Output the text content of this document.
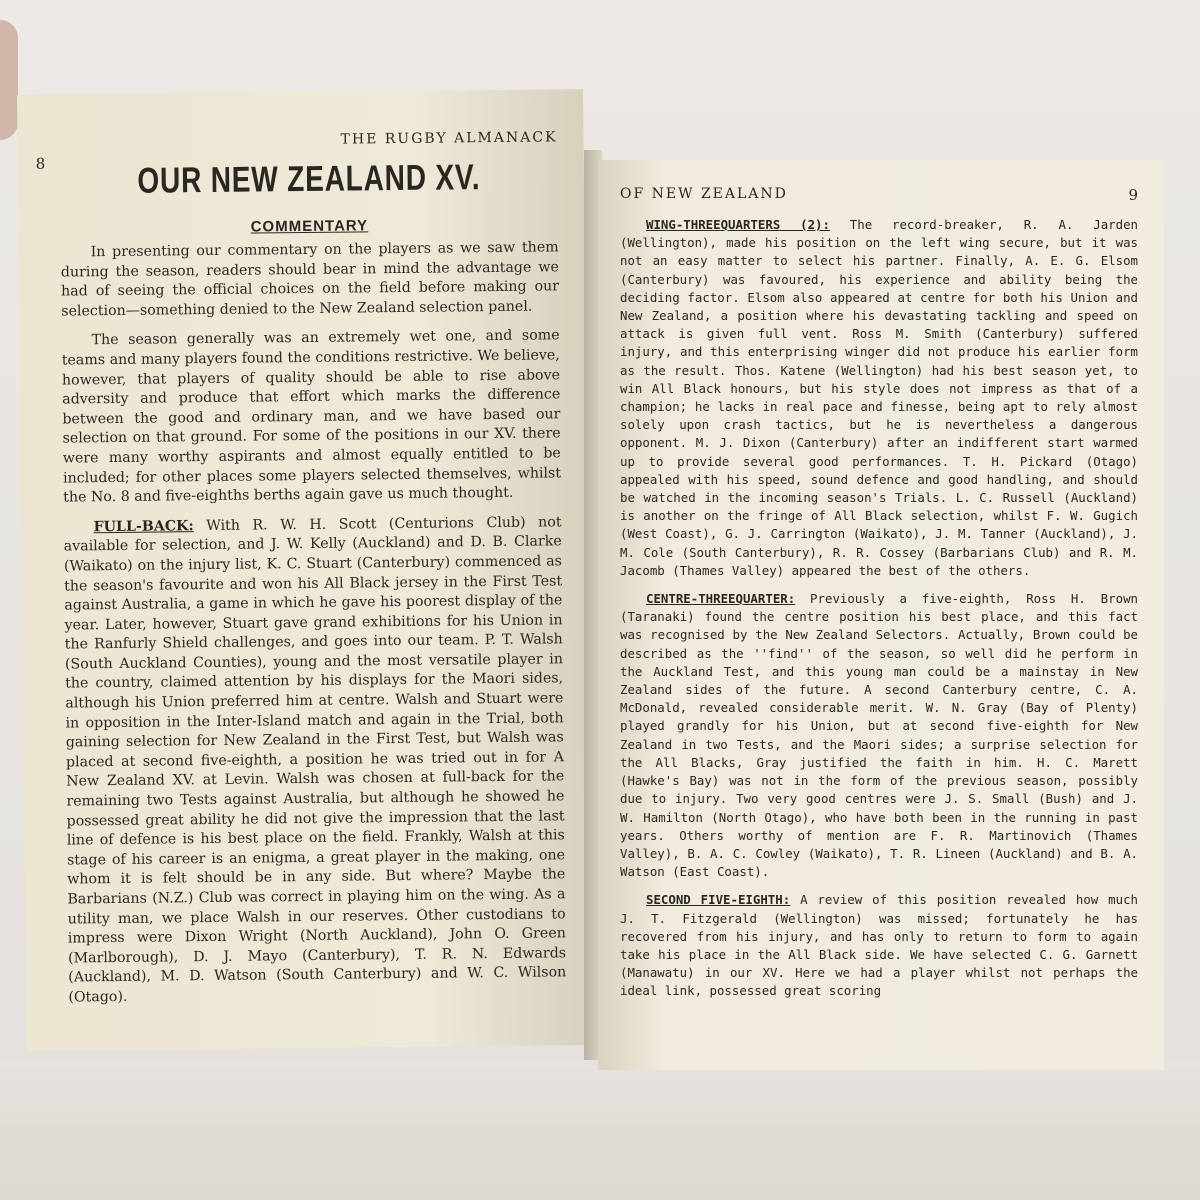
8
THE RUGBY ALMANACK
OUR NEW ZEALAND XV.
COMMENTARY

In presenting our commentary on the players as we saw them during the season, readers should bear in mind the advantage we had of seeing the official choices on the field before making our selection—something denied to the New Zealand selection panel.

The season generally was an extremely wet one, and some teams and many players found the conditions restrictive. We believe, however, that players of quality should be able to rise above adversity and produce that effort which marks the difference between the good and ordinary man, and we have based our selection on that ground. For some of the positions in our XV. there were many worthy aspirants and almost equally entitled to be included; for other places some players selected themselves, whilst the No. 8 and five-eighths berths again gave us much thought.

FULL-BACK: With R. W. H. Scott (Centurions Club) not available for selection, and J. W. Kelly (Auckland) and D. B. Clarke (Waikato) on the injury list, K. C. Stuart (Canterbury) commenced as the season's favourite and won his All Black jersey in the First Test against Australia, a game in which he gave his poorest display of the year. Later, however, Stuart gave grand exhibitions for his Union in the Ranfurly Shield challenges, and goes into our team. P. T. Walsh (South Auckland Counties), young and the most versatile player in the country, claimed attention by his displays for the Maori sides, although his Union preferred him at centre. Walsh and Stuart were in opposition in the Inter-Island match and again in the Trial, both gaining selection for New Zealand in the First Test, but Walsh was placed at second five-eighth, a position he was tried out in for A New Zealand XV. at Levin. Walsh was chosen at full-back for the remaining two Tests against Australia, but although he showed he possessed great ability he did not give the impression that the last line of defence is his best place on the field. Frankly, Walsh at this stage of his career is an enigma, a great player in the making, one whom it is felt should be in any side. But where? Maybe the Barbarians (N.Z.) Club was correct in playing him on the wing. As a utility man, we place Walsh in our reserves. Other custodians to impress were Dixon Wright (North Auckland), John O. Green (Marlborough), D. J. Mayo (Canterbury), T. R. N. Edwards (Auckland), M. D. Watson (South Canterbury) and W. C. Wilson (Otago).

OF NEW ZEALAND	9

WING-THREEQUARTERS (2): The record-breaker, R. A. Jarden (Wellington), made his position on the left wing secure, but it was not an easy matter to select his partner. Finally, A. E. G. Elsom (Canterbury) was favoured, his experience and ability being the deciding factor. Elsom also appeared at centre for both his Union and New Zealand, a position where his devastating tackling and speed on attack is given full vent. Ross M. Smith (Canterbury) suffered injury, and this enterprising winger did not produce his earlier form as the result. Thos. Katene (Wellington) had his best season yet, to win All Black honours, but his style does not impress as that of a champion; he lacks in real pace and finesse, being apt to rely almost solely upon crash tactics, but he is nevertheless a dangerous opponent. M. J. Dixon (Canterbury) after an indifferent start warmed up to provide several good performances. T. H. Pickard (Otago) appealed with his speed, sound defence and good handling, and should be watched in the incoming season's Trials. L. C. Russell (Auckland) is another on the fringe of All Black selection, whilst F. W. Gugich (West Coast), G. J. Carrington (Waikato), J. M. Tanner (Auckland), J. M. Cole (South Canterbury), R. R. Cossey (Barbarians Club) and R. M. Jacomb (Thames Valley) appeared the best of the others.

CENTRE-THREEQUARTER: Previously a five-eighth, Ross H. Brown (Taranaki) found the centre position his best place, and this fact was recognised by the New Zealand Selectors. Actually, Brown could be described as the ''find'' of the season, so well did he perform in the Auckland Test, and this young man could be a mainstay in New Zealand sides of the future. A second Canterbury centre, C. A. McDonald, revealed considerable merit. W. N. Gray (Bay of Plenty) played grandly for his Union, but at second five-eighth for New Zealand in two Tests, and the Maori sides; a surprise selection for the All Blacks, Gray justified the faith in him. H. C. Marett (Hawke's Bay) was not in the form of the previous season, possibly due to injury. Two very good centres were J. S. Small (Bush) and J. W. Hamilton (North Otago), who have both been in the running in past years. Others worthy of mention are F. R. Martinovich (Thames Valley), B. A. C. Cowley (Waikato), T. R. Lineen (Auckland) and B. A. Watson (East Coast).

SECOND FIVE-EIGHTH: A review of this position revealed how much J. T. Fitzgerald (Wellington) was missed; fortunately he has recovered from his injury, and has only to return to form to again take his place in the All Black side. We have selected C. G. Garnett (Manawatu) in our XV. Here we had a player whilst not perhaps the ideal link, possessed great scoring
